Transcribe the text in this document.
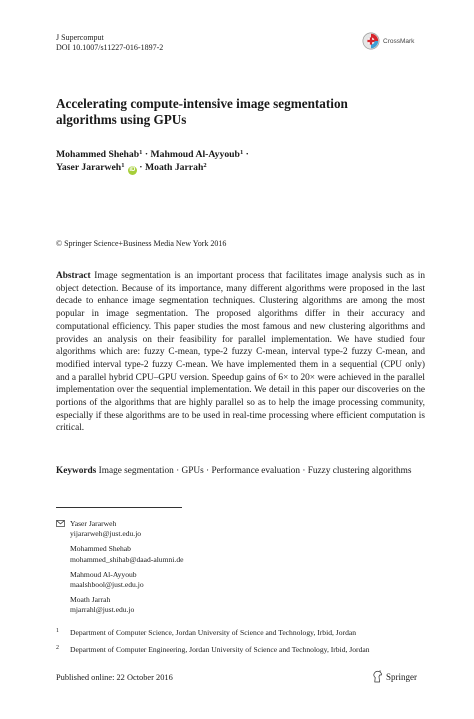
J Supercomput
DOI 10.1007/s11227-016-1897-2
CrossMark
Accelerating compute-intensive image segmentation
algorithms using GPUs
Mohammed Shehab$^1$ · Mahmoud Al-Ayyoub$^1$ ·
Yaser Jararweh$^1$ iD · Moath Jarrah$^2$
© Springer Science+Business Media New York 2016
Abstract Image segmentation is an important process that facilitates image analysis such as in object detection. Because of its importance, many different algorithms were proposed in the last decade to enhance image segmentation techniques. Clustering algorithms are among the most popular in image segmentation. The proposed algorithms differ in their accuracy and computational efficiency. This paper studies the most famous and new clustering algorithms and provides an analysis on their feasibility for parallel implementation. We have studied four algorithms which are: fuzzy C-mean, type-2 fuzzy C-mean, interval type-2 fuzzy C-mean, and modified interval type-2 fuzzy C-mean. We have implemented them in a sequential (CPU only) and a parallel hybrid CPU–GPU version. Speedup gains of 6× to 20× were achieved in the parallel implementation over the sequential implementation. We detail in this paper our discoveries on the portions of the algorithms that are highly parallel so as to help the image processing community, especially if these algorithms are to be used in real-time processing where efficient computation is critical.
Keywords Image segmentation · GPUs · Performance evaluation · Fuzzy clustering algorithms
Yaser Jararweh
yijararweh@just.edu.jo
Mohammed Shehab
mohammed_shihab@daad-alumni.de
Mahmoud Al-Ayyoub
maalshbool@just.edu.jo
Moath Jarrah
mjarrahl@just.edu.jo
$^1$ Department of Computer Science, Jordan University of Science and Technology, Irbid, Jordan
$^2$ Department of Computer Engineering, Jordan University of Science and Technology, Irbid, Jordan
Published online: 22 October 2016	Springer
